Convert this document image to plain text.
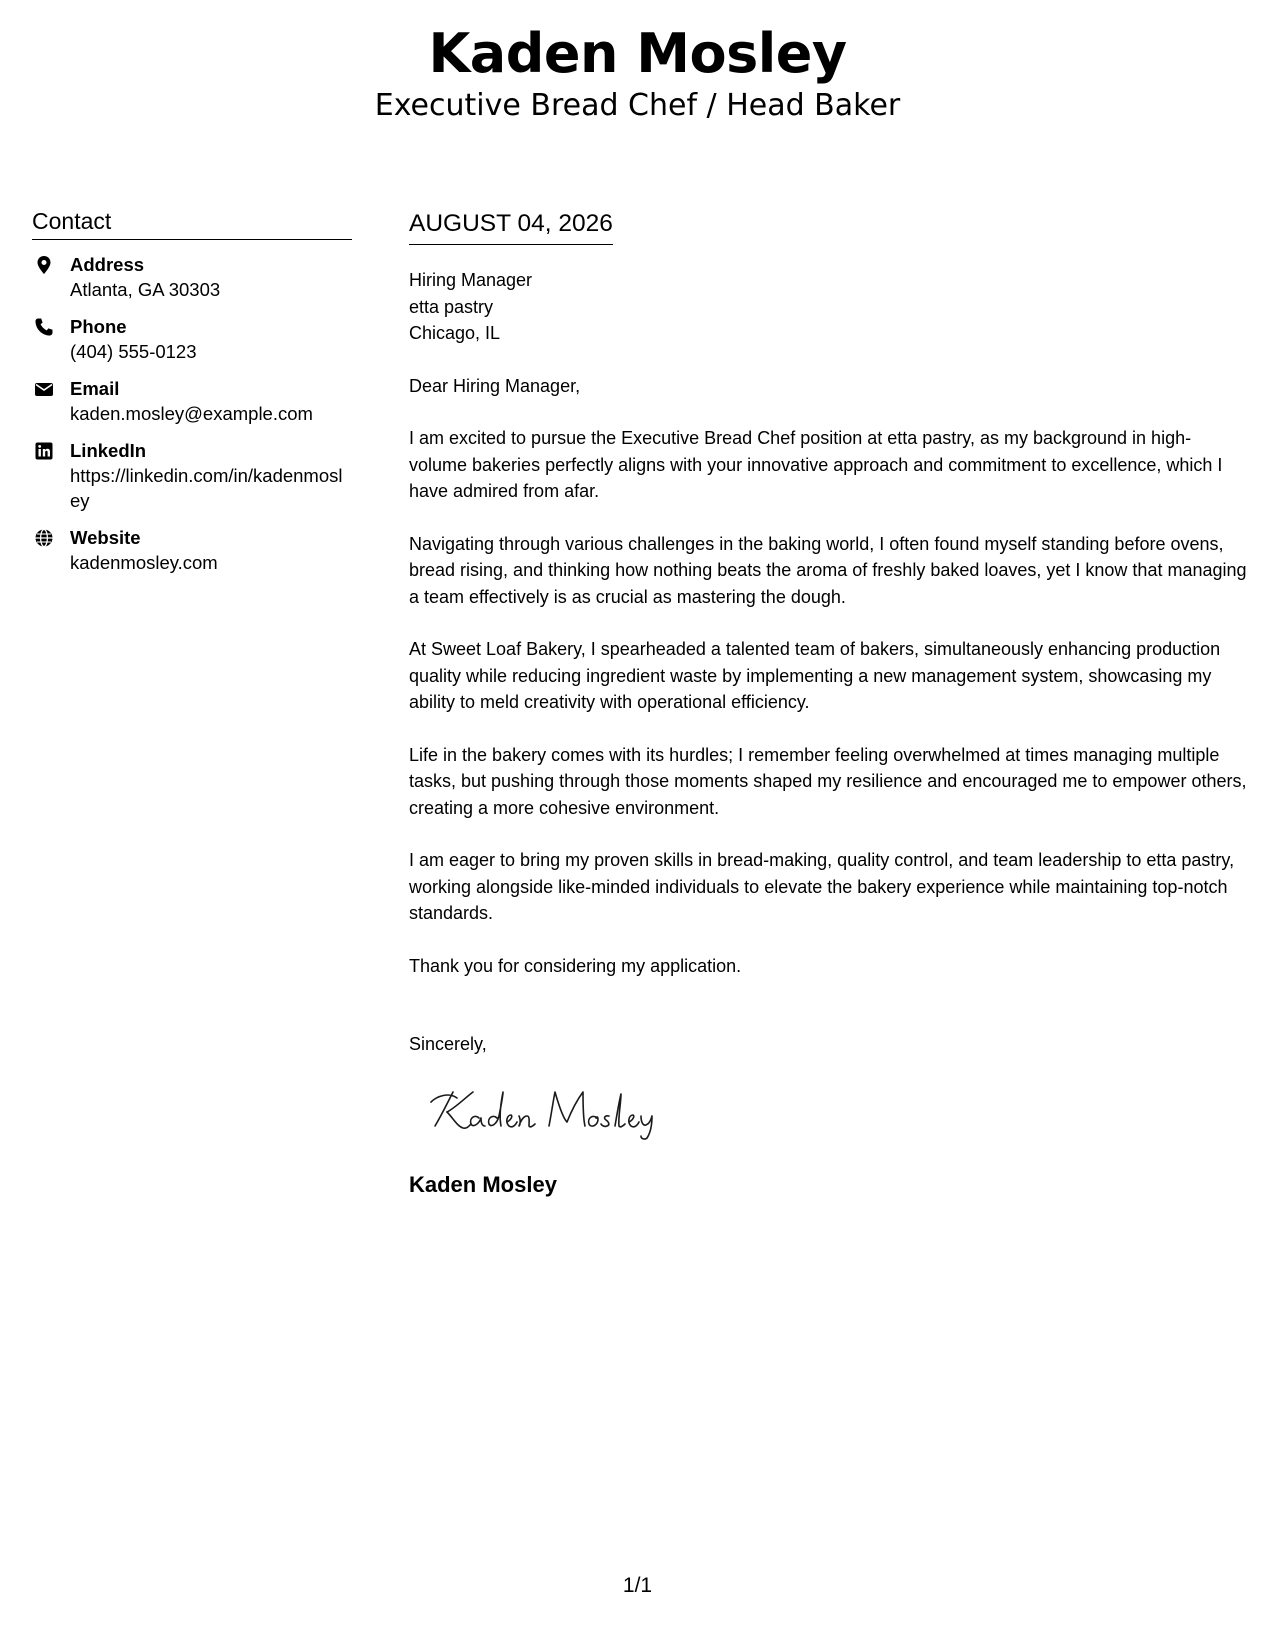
Kaden Mosley
Executive Bread Chef / Head Baker
Contact
Address
Atlanta, GA 30303
Phone
(404) 555-0123
Email
kaden.mosley@example.com
LinkedIn
https://linkedin.com/in/kadenmosley
Website
kadenmosley.com
AUGUST 04, 2026
Hiring Manager
etta pastry
Chicago, IL
Dear Hiring Manager,
I am excited to pursue the Executive Bread Chef position at etta pastry, as my background in high-volume bakeries perfectly aligns with your innovative approach and commitment to excellence, which I have admired from afar.
Navigating through various challenges in the baking world, I often found myself standing before ovens, bread rising, and thinking how nothing beats the aroma of freshly baked loaves, yet I know that managing a team effectively is as crucial as mastering the dough.
At Sweet Loaf Bakery, I spearheaded a talented team of bakers, simultaneously enhancing production quality while reducing ingredient waste by implementing a new management system, showcasing my ability to meld creativity with operational efficiency.
Life in the bakery comes with its hurdles; I remember feeling overwhelmed at times managing multiple tasks, but pushing through those moments shaped my resilience and encouraged me to empower others, creating a more cohesive environment.
I am eager to bring my proven skills in bread-making, quality control, and team leadership to etta pastry, working alongside like-minded individuals to elevate the bakery experience while maintaining top-notch standards.
Thank you for considering my application.
Sincerely,
Kaden Mosley
1/1
